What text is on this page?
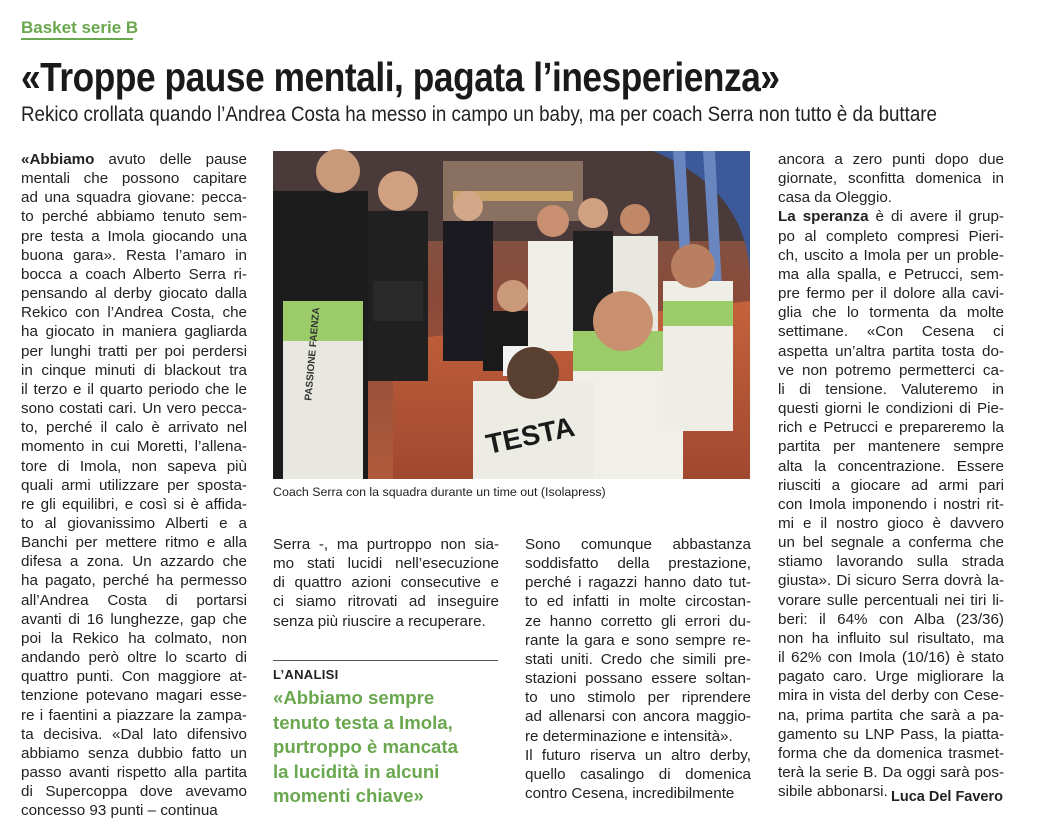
Basket serie B
«Troppe pause mentali, pagata l’inesperienza»
Rekico crollata quando l’Andrea Costa ha messo in campo un baby, ma per coach Serra non tutto è da buttare
«Abbiamo avuto delle pause
mentali che possono capitare
ad una squadra giovane: pecca-
to perché abbiamo tenuto sem-
pre testa a Imola giocando una
buona gara». Resta l’amaro in
bocca a coach Alberto Serra ri-
pensando al derby giocato dalla
Rekico con l’Andrea Costa, che
ha giocato in maniera gagliarda
per lunghi tratti per poi perdersi
in cinque minuti di blackout tra
il terzo e il quarto periodo che le
sono costati cari. Un vero pecca-
to, perché il calo è arrivato nel
momento in cui Moretti, l’allena-
tore di Imola, non sapeva più
quali armi utilizzare per sposta-
re gli equilibri, e così si è affida-
to al giovanissimo Alberti e a
Banchi per mettere ritmo e alla
difesa a zona. Un azzardo che
ha pagato, perché ha permesso
all’Andrea Costa di portarsi
avanti di 16 lunghezze, gap che
poi la Rekico ha colmato, non
andando però oltre lo scarto di
quattro punti. Con maggiore at-
tenzione potevano magari esse-
re i faentini a piazzare la zampa-
ta decisiva. «Dal lato difensivo
abbiamo senza dubbio fatto un
passo avanti rispetto alla partita
di Supercoppa dove avevamo
concesso 93 punti – continua
TESTA
PASSIONE FAENZA
Coach Serra con la squadra durante un time out (Isolapress)
Serra -, ma purtroppo non sia-
mo stati lucidi nell’esecuzione
di quattro azioni consecutive e
ci siamo ritrovati ad inseguire
senza più riuscire a recuperare.
L’ANALISI
«Abbiamo sempre
tenuto testa a Imola,
purtroppo è mancata
la lucidità in alcuni
momenti chiave»
Sono comunque abbastanza
soddisfatto della prestazione,
perché i ragazzi hanno dato tut-
to ed infatti in molte circostan-
ze hanno corretto gli errori du-
rante la gara e sono sempre re-
stati uniti. Credo che simili pre-
stazioni possano essere soltan-
to uno stimolo per riprendere
ad allenarsi con ancora maggio-
re determinazione e intensità».
Il futuro riserva un altro derby,
quello casalingo di domenica
contro Cesena, incredibilmente
ancora a zero punti dopo due
giornate, sconfitta domenica in
casa da Oleggio.
La speranza è di avere il grup-
po al completo compresi Pieri-
ch, uscito a Imola per un proble-
ma alla spalla, e Petrucci, sem-
pre fermo per il dolore alla cavi-
glia che lo tormenta da molte
settimane. «Con Cesena ci
aspetta un’altra partita tosta do-
ve non potremo permetterci ca-
li di tensione. Valuteremo in
questi giorni le condizioni di Pie-
rich e Petrucci e prepareremo la
partita per mantenere sempre
alta la concentrazione. Essere
riusciti a giocare ad armi pari
con Imola imponendo i nostri rit-
mi e il nostro gioco è davvero
un bel segnale a conferma che
stiamo lavorando sulla strada
giusta». Di sicuro Serra dovrà la-
vorare sulle percentuali nei tiri li-
beri: il 64% con Alba (23/36)
non ha influito sul risultato, ma
il 62% con Imola (10/16) è stato
pagato caro. Urge migliorare la
mira in vista del derby con Cese-
na, prima partita che sarà a pa-
gamento su LNP Pass, la piatta-
forma che da domenica trasmet-
terà la serie B. Da oggi sarà pos-
sibile abbonarsi. Luca Del Favero
